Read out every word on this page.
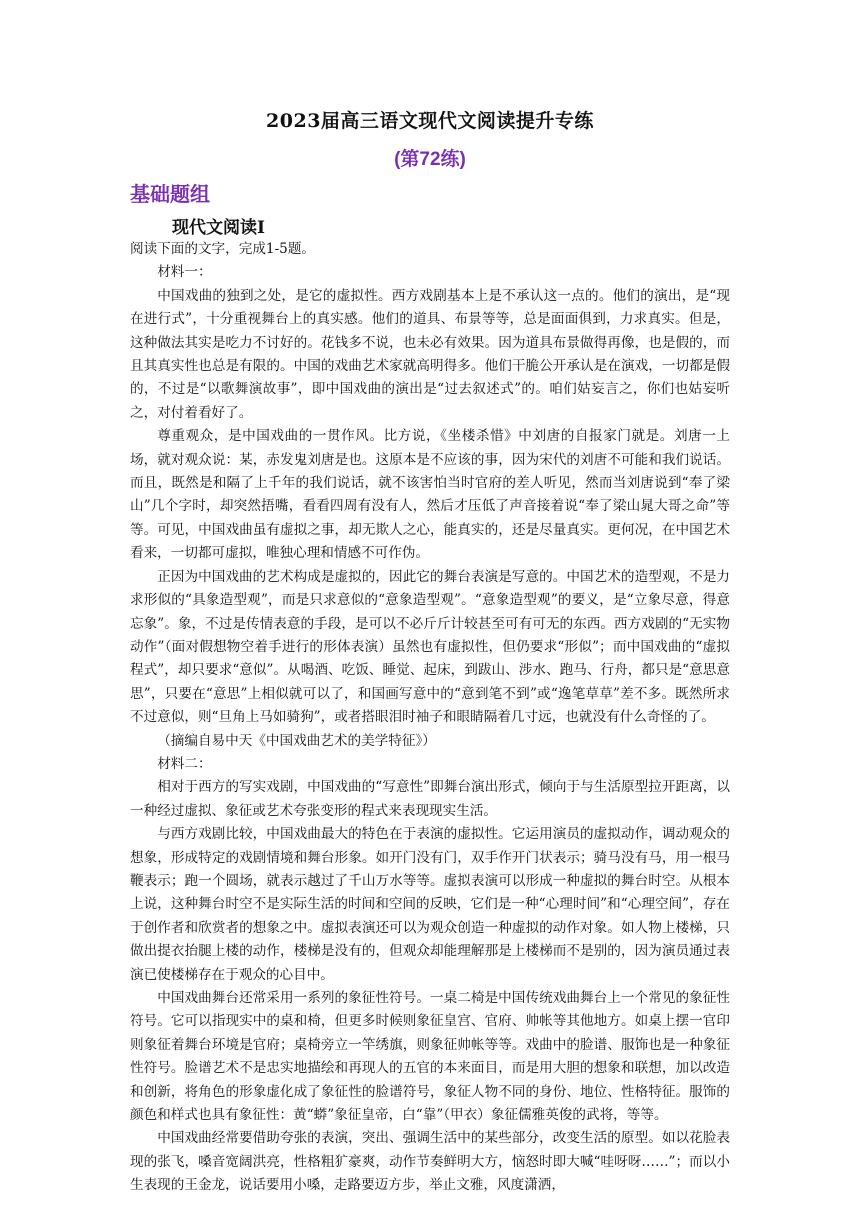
2023届高三语文现代文阅读提升专练
(第72练)
基础题组
现代文阅读Ⅰ

阅读下面的文字，完成1-5题。

材料一：

中国戏曲的独到之处，是它的虚拟性。西方戏剧基本上是不承认这一点的。他们的演出，是“现在进行式”，十分重视舞台上的真实感。他们的道具、布景等等，总是面面俱到，力求真实。但是，这种做法其实是吃力不讨好的。花钱多不说，也未必有效果。因为道具布景做得再像，也是假的，而且其真实性也总是有限的。中国的戏曲艺术家就高明得多。他们干脆公开承认是在演戏，一切都是假的，不过是“以歌舞演故事”，即中国戏曲的演出是“过去叙述式”的。咱们姑妄言之，你们也姑妄听之，对付着看好了。

尊重观众，是中国戏曲的一贯作风。比方说，《坐楼杀惜》中刘唐的自报家门就是。刘唐一上场，就对观众说：某，赤发鬼刘唐是也。这原本是不应该的事，因为宋代的刘唐不可能和我们说话。而且，既然是和隔了上千年的我们说话，就不该害怕当时官府的差人听见，然而当刘唐说到“奉了梁山”几个字时，却突然捂嘴，看看四周有没有人，然后才压低了声音接着说“奉了梁山晁大哥之命”等等。可见，中国戏曲虽有虚拟之事，却无欺人之心，能真实的，还是尽量真实。更何况，在中国艺术看来，一切都可虚拟，唯独心理和情感不可作伪。

正因为中国戏曲的艺术构成是虚拟的，因此它的舞台表演是写意的。中国艺术的造型观，不是力求形似的“具象造型观”，而是只求意似的“意象造型观”。“意象造型观”的要义，是“立象尽意，得意忘象”。象，不过是传情表意的手段，是可以不必斤斤计较甚至可有可无的东西。西方戏剧的“无实物动作”（面对假想物空着手进行的形体表演）虽然也有虚拟性，但仍要求“形似”；而中国戏曲的“虚拟程式”，却只要求“意似”。从喝酒、吃饭、睡觉、起床，到跋山、涉水、跑马、行舟，都只是“意思意思”，只要在“意思”上相似就可以了，和国画写意中的“意到笔不到”或“逸笔草草”差不多。既然所求不过意似，则“旦角上马如骑狗”，或者搭眼泪时袖子和眼睛隔着几寸远，也就没有什么奇怪的了。

（摘编自易中天《中国戏曲艺术的美学特征》）

材料二：

相对于西方的写实戏剧，中国戏曲的“写意性”即舞台演出形式，倾向于与生活原型拉开距离，以一种经过虚拟、象征或艺术夸张变形的程式来表现现实生活。

与西方戏剧比较，中国戏曲最大的特色在于表演的虚拟性。它运用演员的虚拟动作，调动观众的想象，形成特定的戏剧情境和舞台形象。如开门没有门，双手作开门状表示；骑马没有马，用一根马鞭表示；跑一个圆场，就表示越过了千山万水等等。虚拟表演可以形成一种虚拟的舞台时空。从根本上说，这种舞台时空不是实际生活的时间和空间的反映，它们是一种“心理时间”和“心理空间”，存在于创作者和欣赏者的想象之中。虚拟表演还可以为观众创造一种虚拟的动作对象。如人物上楼梯，只做出提衣抬腿上楼的动作，楼梯是没有的，但观众却能理解那是上楼梯而不是别的，因为演员通过表演已使楼梯存在于观众的心目中。

中国戏曲舞台还常采用一系列的象征性符号。一桌二椅是中国传统戏曲舞台上一个常见的象征性符号。它可以指现实中的桌和椅，但更多时候则象征皇宫、官府、帅帐等其他地方。如桌上摆一官印则象征着舞台环境是官府；桌椅旁立一竿绣旗，则象征帅帐等等。戏曲中的脸谱、服饰也是一种象征性符号。脸谱艺术不是忠实地描绘和再现人的五官的本来面目，而是用大胆的想象和联想，加以改造和创新，将角色的形象虚化成了象征性的脸谱符号，象征人物不同的身份、地位、性格特征。服饰的颜色和样式也具有象征性：黄“蟒”象征皇帝，白“靠”（甲衣）象征儒雅英俊的武将，等等。

中国戏曲经常要借助夸张的表演，突出、强调生活中的某些部分，改变生活的原型。如以花脸表现的张飞，嗓音宽阔洪亮，性格粗犷豪爽，动作节奏鲜明大方，恼怒时即大喊“哇呀呀……”；而以小生表现的王金龙，说话要用小嗓，走路要迈方步，举止文雅，风度潇洒，
